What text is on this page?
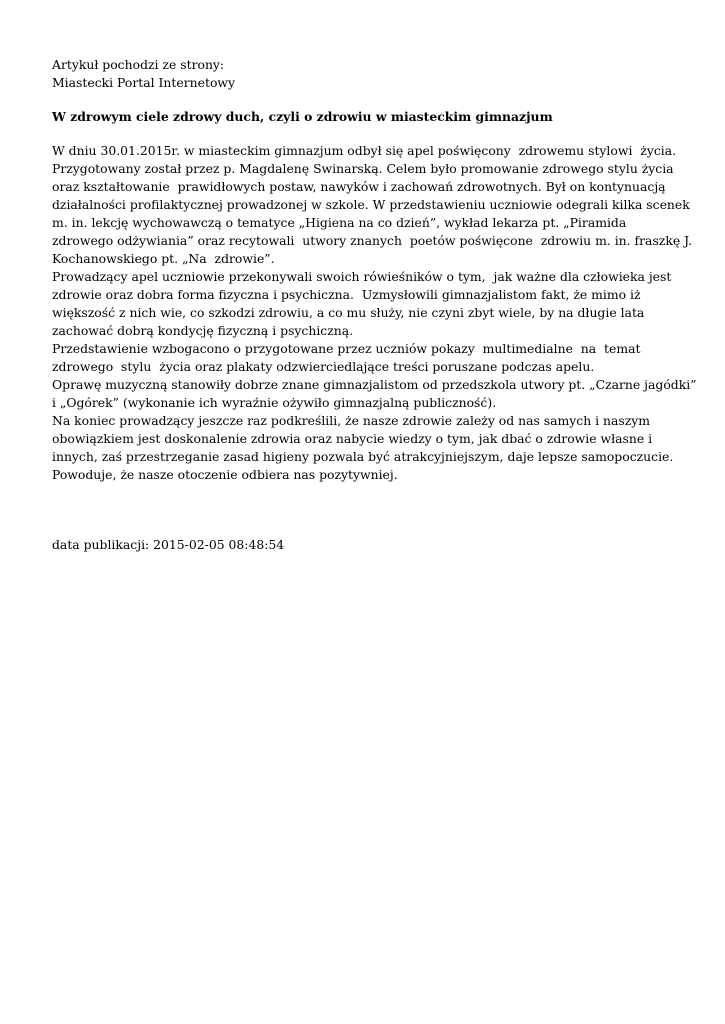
Artykuł pochodzi ze strony:

Miastecki Portal Internetowy

W zdrowym ciele zdrowy duch, czyli o zdrowiu w miasteckim gimnazjum

W dniu 30.01.2015r. w miasteckim gimnazjum odbył się apel poświęcony  zdrowemu stylowi  życia.

Przygotowany został przez p. Magdalenę Swinarską. Celem było promowanie zdrowego stylu życia

oraz kształtowanie  prawidłowych postaw, nawyków i zachowań zdrowotnych. Był on kontynuacją

działalności profilaktycznej prowadzonej w szkole. W przedstawieniu uczniowie odegrali kilka scenek

m. in. lekcję wychowawczą o tematyce „Higiena na co dzień”, wykład lekarza pt. „Piramida

zdrowego odżywiania” oraz recytowali  utwory znanych  poetów poświęcone  zdrowiu m. in. fraszkę J.

Kochanowskiego pt. „Na  zdrowie”.

Prowadzący apel uczniowie przekonywali swoich rówieśników o tym,  jak ważne dla człowieka jest

zdrowie oraz dobra forma fizyczna i psychiczna.  Uzmysłowili gimnazjalistom fakt, że mimo iż

większość z nich wie, co szkodzi zdrowiu, a co mu służy, nie czyni zbyt wiele, by na długie lata

zachować dobrą kondycję fizyczną i psychiczną.

Przedstawienie wzbogacono o przygotowane przez uczniów pokazy  multimedialne  na  temat

zdrowego  stylu  życia oraz plakaty odzwierciedlające treści poruszane podczas apelu.

Oprawę muzyczną stanowiły dobrze znane gimnazjalistom od przedszkola utwory pt. „Czarne jagódki”

i „Ogórek” (wykonanie ich wyraźnie ożywiło gimnazjalną publiczność).

Na koniec prowadzący jeszcze raz podkreślili, że nasze zdrowie zależy od nas samych i naszym

obowiązkiem jest doskonalenie zdrowia oraz nabycie wiedzy o tym, jak dbać o zdrowie własne i

innych, zaś przestrzeganie zasad higieny pozwala być atrakcyjniejszym, daje lepsze samopoczucie.

Powoduje, że nasze otoczenie odbiera nas pozytywniej.

data publikacji: 2015-02-05 08:48:54
